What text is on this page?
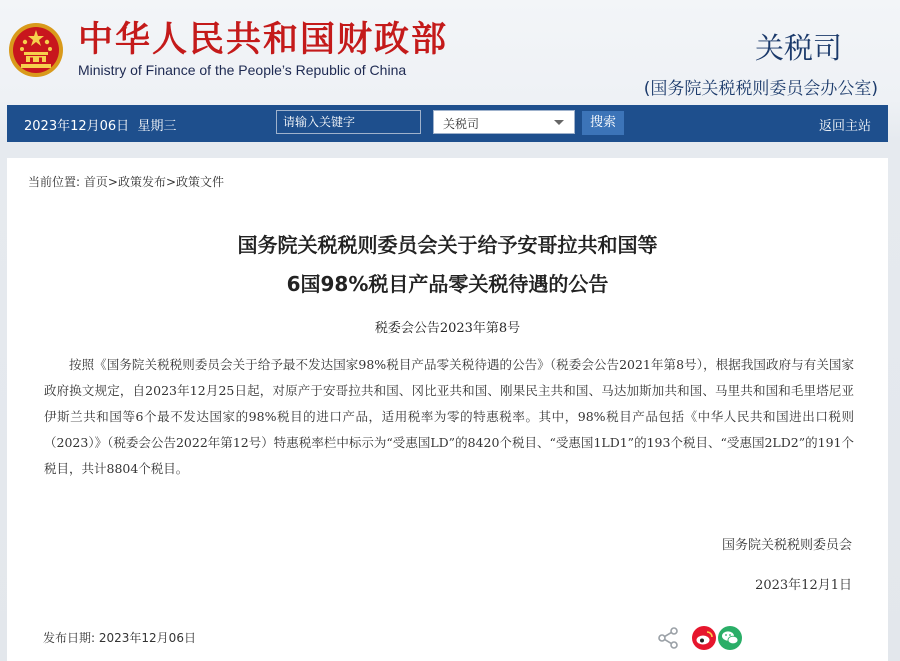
中华人民共和国财政部
Ministry of Finance of the People’s Republic of China
关税司
(国务院关税税则委员会办公室)
2023年12月06日 星期三
请输入关键字	关税司	搜索	返回主站
当前位置: 首页>政策发布>政策文件
国务院关税税则委员会关于给予安哥拉共和国等
6国98%税目产品零关税待遇的公告
税委会公告2023年第8号
按照《国务院关税税则委员会关于给予最不发达国家98%税目产品零关税待遇的公告》（税委会公告2021年第8号），根据我国政府与有关国家政府换文规定，自2023年12月25日起，对原产于安哥拉共和国、冈比亚共和国、刚果民主共和国、马达加斯加共和国、马里共和国和毛里塔尼亚伊斯兰共和国等6个最不发达国家的98%税目的进口产品，适用税率为零的特惠税率。其中，98%税目产品包括《中华人民共和国进出口税则（2023）》（税委会公告2022年第12号）特惠税率栏中标示为“受惠国LD”的8420个税目、“受惠国1LD1”的193个税目、“受惠国2LD2”的191个税目，共计8804个税目。
国务院关税税则委员会
2023年12月1日
发布日期: 2023年12月06日
